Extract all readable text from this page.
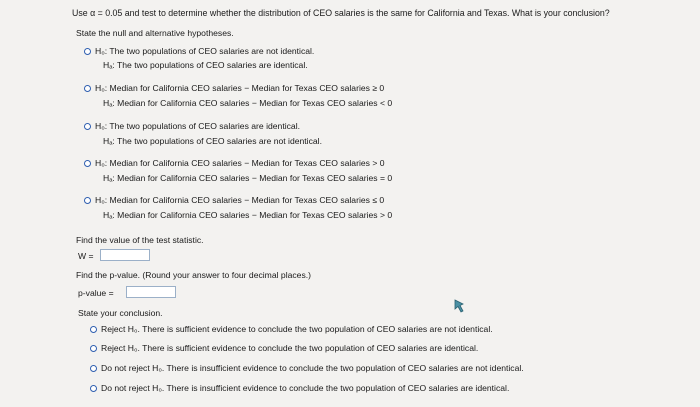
Use α = 0.05 and test to determine whether the distribution of CEO salaries is the same for California and Texas. What is your conclusion?
State the null and alternative hypotheses.
H₀: The two populations of CEO salaries are not identical.
Hₐ: The two populations of CEO salaries are identical.
H₀: Median for California CEO salaries − Median for Texas CEO salaries ≥ 0
Hₐ: Median for California CEO salaries − Median for Texas CEO salaries < 0
H₀: The two populations of CEO salaries are identical.
Hₐ: The two populations of CEO salaries are not identical.
H₀: Median for California CEO salaries − Median for Texas CEO salaries > 0
Hₐ: Median for California CEO salaries − Median for Texas CEO salaries = 0
H₀: Median for California CEO salaries − Median for Texas CEO salaries ≤ 0
Hₐ: Median for California CEO salaries − Median for Texas CEO salaries > 0
Find the value of the test statistic.
W =
Find the p-value. (Round your answer to four decimal places.)
p-value =
State your conclusion.
Reject H₀. There is sufficient evidence to conclude the two population of CEO salaries are not identical.
Reject H₀. There is sufficient evidence to conclude the two population of CEO salaries are identical.
Do not reject H₀. There is insufficient evidence to conclude the two population of CEO salaries are not identical.
Do not reject H₀. There is insufficient evidence to conclude the two population of CEO salaries are identical.
